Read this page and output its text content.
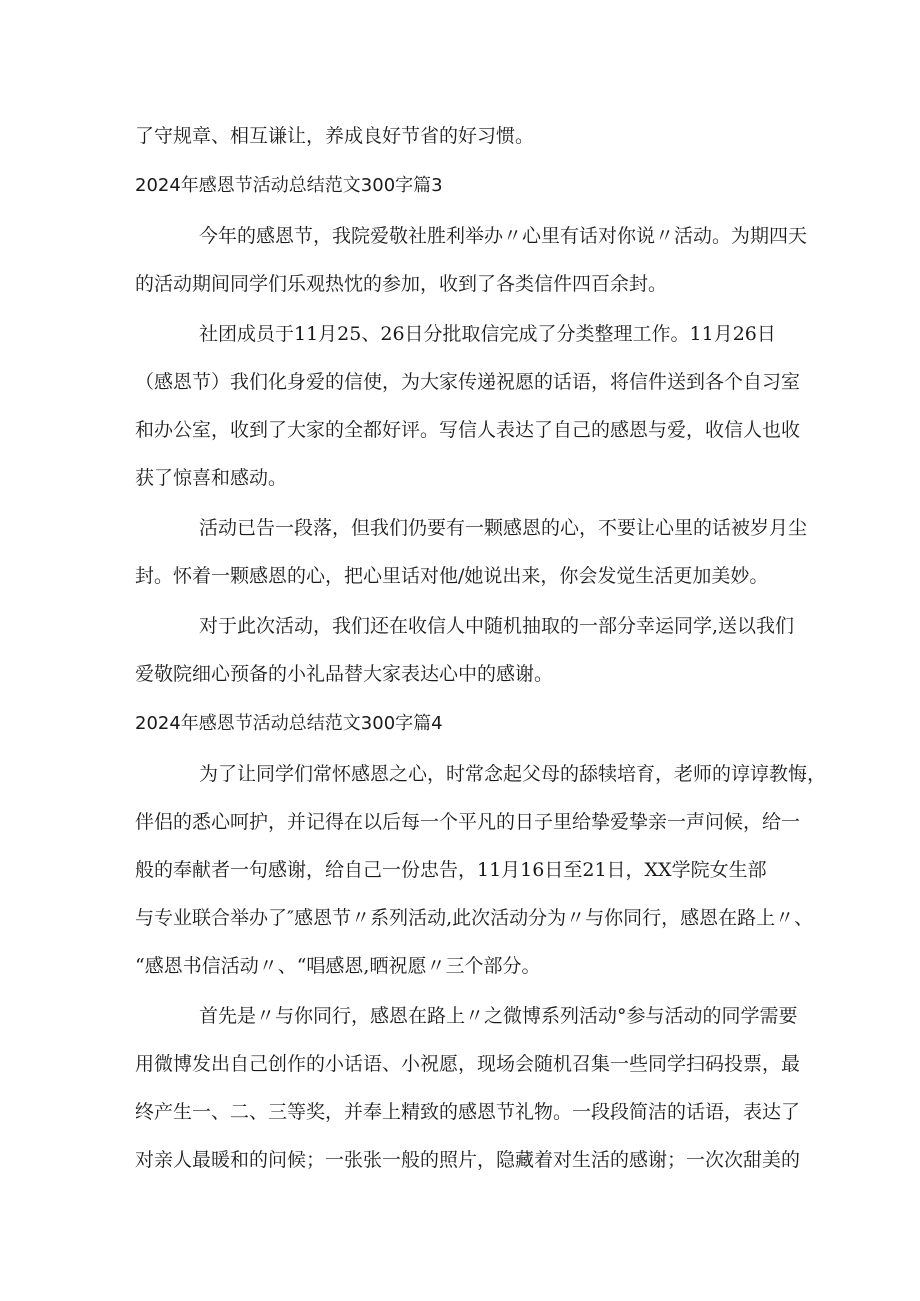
了守规章、相互谦让，养成良好节省的好习惯。
2024年感恩节活动总结范文300字篇3
今年的感恩节，我院爱敬社胜利举办〃心里有话对你说〃活动。为期四天
的活动期间同学们乐观热忱的参加，收到了各类信件四百余封。
社团成员于11月25、26日分批取信完成了分类整理工作。11月26日
（感恩节）我们化身爱的信使，为大家传递祝愿的话语，将信件送到各个自习室
和办公室，收到了大家的全都好评。写信人表达了自己的感恩与爱，收信人也收
获了惊喜和感动。
活动已告一段落，但我们仍要有一颗感恩的心，不要让心里的话被岁月尘
封。怀着一颗感恩的心，把心里话对他/她说出来，你会发觉生活更加美妙。
对于此次活动，我们还在收信人中随机抽取的一部分幸运同学,送以我们
爱敬院细心预备的小礼品替大家表达心中的感谢。
2024年感恩节活动总结范文300字篇4
为了让同学们常怀感恩之心，时常念起父母的舔犊培育，老师的谆谆教悔，
伴侣的悉心呵护，并记得在以后每一个平凡的日子里给挚爱挚亲一声问候，给一
般的奉献者一句感谢，给自己一份忠告，11月16日至21日，XX学院女生部
与专业联合举办了″感恩节〃系列活动,此次活动分为〃与你同行，感恩在路上〃、
“感恩书信活动〃、“唱感恩,晒祝愿〃三个部分。
首先是〃与你同行，感恩在路上〃之微博系列活动°参与活动的同学需要
用微博发出自己创作的小话语、小祝愿，现场会随机召集一些同学扫码投票，最
终产生一、二、三等奖，并奉上精致的感恩节礼物。一段段简洁的话语，表达了
对亲人最暖和的问候；一张张一般的照片，隐藏着对生活的感谢；一次次甜美的
